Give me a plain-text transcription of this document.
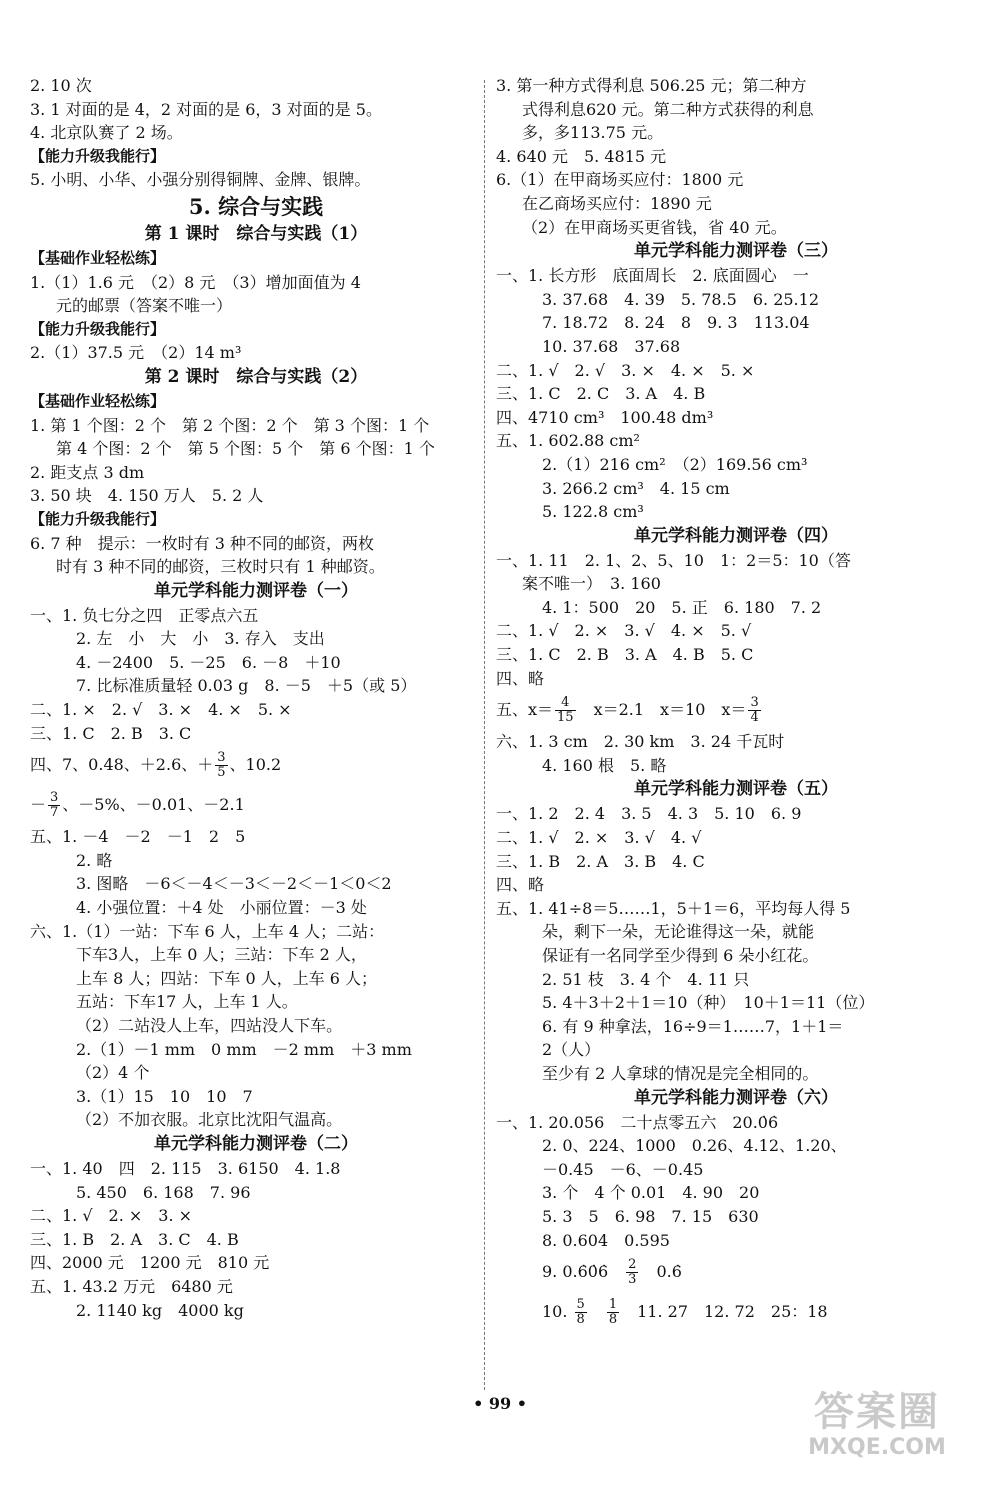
2. 10 次
3. 1 对面的是 4，2 对面的是 6，3 对面的是 5。
4. 北京队赛了 2 场。
【能力升级我能行】
5. 小明、小华、小强分别得铜牌、金牌、银牌。
5. 综合与实践
第 1 课时　综合与实践（1）
【基础作业轻松练】
1.（1）1.6 元　（2）8 元　（3）增加面值为 4
元的邮票（答案不唯一）
【能力升级我能行】
2.（1）37.5 元　（2）14 m³
第 2 课时　综合与实践（2）
【基础作业轻松练】
1. 第 1 个图：2 个　第 2 个图：2 个　第 3 个图：1 个
第 4 个图：2 个　第 5 个图：5 个　第 6 个图：1 个
2. 距支点 3 dm
3. 50 块　4. 150 万人　5. 2 人
【能力升级我能行】
6. 7 种　提示：一枚时有 3 种不同的邮资，两枚
时有 3 种不同的邮资，三枚时只有 1 种邮资。
单元学科能力测评卷（一）
一、1. 负七分之四　正零点六五
2. 左　小　大　小　3. 存入　支出
4. －2400　5. －25　6. －8　＋10
7. 比标准质量轻 0.03 g　8. －5　＋5（或 5）
二、1. ×　2. √　3. ×　4. ×　5. ×
三、1. C　2. B　3. C
四、7、0.48、＋2.6、＋ $\frac{3}{5}$ 、10.2
－ $\frac{3}{7}$ 、－5%、－0.01、－2.1
五、1. －4　－2　－1　2　5
2. 略
3. 图略　－6＜－4＜－3＜－2＜－1＜0＜2
4. 小强位置：＋4 处　小丽位置：－3 处
六、1.（1）一站：下车 6 人，上车 4 人；二站：
下车3人，上车 0 人；三站：下车 2 人，
上车 8 人；四站：下车 0 人，上车 6 人；
五站：下车17 人，上车 1 人。
（2）二站没人上车，四站没人下车。
2.（1）－1 mm　0 mm　－2 mm　＋3 mm
（2）4 个
3.（1）15　10　10　7
（2）不加衣服。北京比沈阳气温高。
单元学科能力测评卷（二）
一、1. 40　四　2. 115　3. 6150　4. 1.8
5. 450　6. 168　7. 96
二、1. √　2. ×　3. ×
三、1. B　2. A　3. C　4. B
四、2000 元　1200 元　810 元
五、1. 43.2 万元　6480 元
2. 1140 kg　4000 kg
3. 第一种方式得利息 506.25 元；第二种方
式得利息620 元。第二种方式获得的利息
多，多113.75 元。
4. 640 元　5. 4815 元
6.（1）在甲商场买应付：1800 元
在乙商场买应付：1890 元
（2）在甲商场买更省钱，省 40 元。
单元学科能力测评卷（三）
一、1. 长方形　底面周长　2. 底面圆心　一
3. 37.68　4. 39　5. 78.5　6. 25.12
7. 18.72　8. 24　8　9. 3　113.04
10. 37.68　37.68
二、1. √　2. √　3. ×　4. ×　5. ×
三、1. C　2. C　3. A　4. B
四、4710 cm³　100.48 dm³
五、1. 602.88 cm²
2.（1）216 cm²　（2）169.56 cm³
3. 266.2 cm³　4. 15 cm
5. 122.8 cm³
单元学科能力测评卷（四）
一、1. 11　2. 1、2、5、10　1：2＝5：10（答
案不唯一）　3. 160
4. 1：500　20　5. 正　6. 180　7. 2
二、1. √　2. ×　3. √　4. ×　5. √
三、1. C　2. B　3. A　4. B　5. C
四、略
五、$x= \frac{4}{15}$ 　x＝2.1　x＝10　$x= \frac{3}{4}$
六、1. 3 cm　2. 30 km　3. 24 千瓦时
4. 160 根　5. 略
单元学科能力测评卷（五）
一、1. 2　2. 4　3. 5　4. 3　5. 10　6. 9
二、1. √　2. ×　3. √　4. √
三、1. B　2. A　3. B　4. C
四、略
五、1. 41÷8＝5……1，5＋1＝6，平均每人得 5
朵，剩下一朵，无论谁得这一朵，就能
保证有一名同学至少得到 6 朵小红花。
2. 51 枝　3. 4 个　4. 11 只
5. 4＋3＋2＋1＝10（种）　10＋1＝11（位）
6. 有 9 种拿法，16÷9＝1……7，1＋1＝
2（人）
至少有 2 人拿球的情况是完全相同的。
单元学科能力测评卷（六）
一、1. 20.056　二十点零五六　20.0̇6̇
2. 0、224、1000　0.26、4.12、1.20、
－0.45　－6、－0.45
3. 个　4 个 0.01　4. 90　20
5. 3　5　6. 98　7. 15　630
8. 0.604　0.595
9. 0.6̇0̇6̇　 $\frac{2}{3}$ 　0.6̇
10. $\frac{5}{8}$
　 $\frac{1}{8}$ 　11. 27　12. 72　25：18
• 99 •	答案圈
MXQE.COM
